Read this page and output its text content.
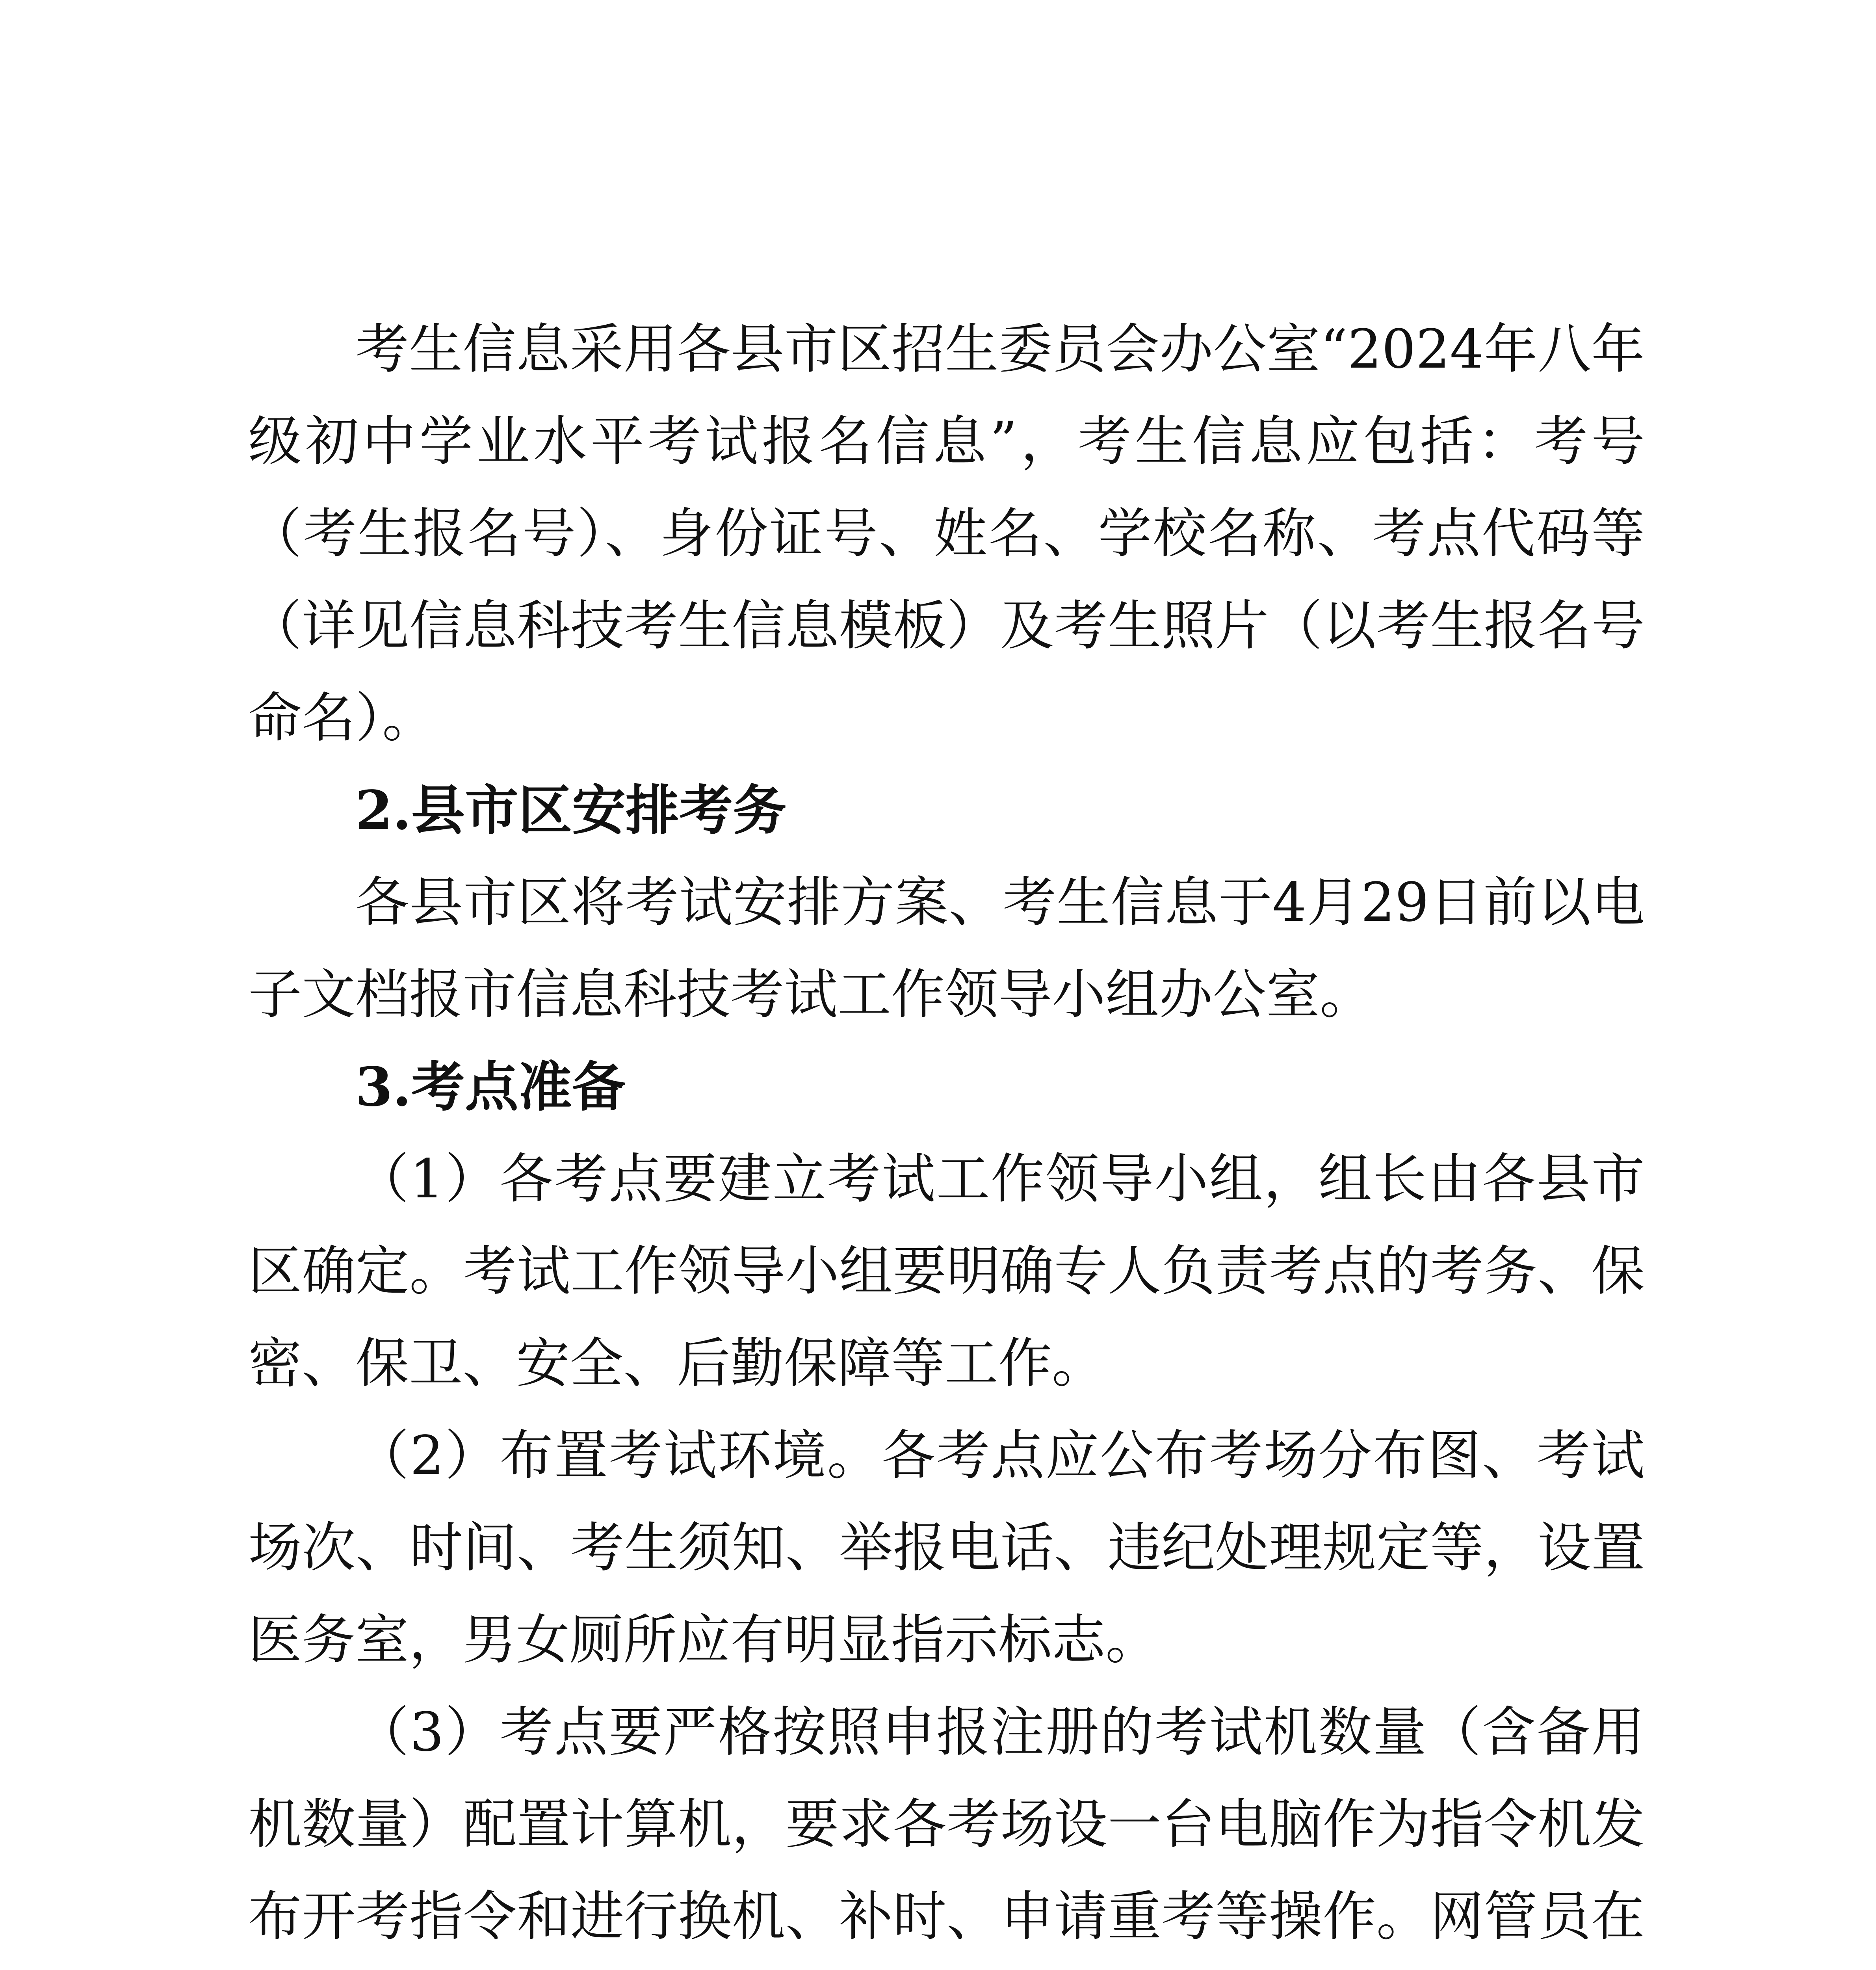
考生信息采用各县市区招生委员会办公室“2024年八年级初中学业水平考试报名信息”，考生信息应包括：考号（考生报名号）、身份证号、姓名、学校名称、考点代码等（详见信息科技考生信息模板）及考生照片（以考生报名号命名）。

2.县市区安排考务

各县市区将考试安排方案、考生信息于4月29日前以电子文档报市信息科技考试工作领导小组办公室。

3.考点准备

（1）各考点要建立考试工作领导小组，组长由各县市区确定。考试工作领导小组要明确专人负责考点的考务、保密、保卫、安全、后勤保障等工作。

（2）布置考试环境。各考点应公布考场分布图、考试场次、时间、考生须知、举报电话、违纪处理规定等，设置医务室，男女厕所应有明显指示标志。

（3）考点要严格按照申报注册的考试机数量（含备用机数量）配置计算机，要求各考场设一台电脑作为指令机发布开考指令和进行换机、补时、申请重考等操作。网管员在
